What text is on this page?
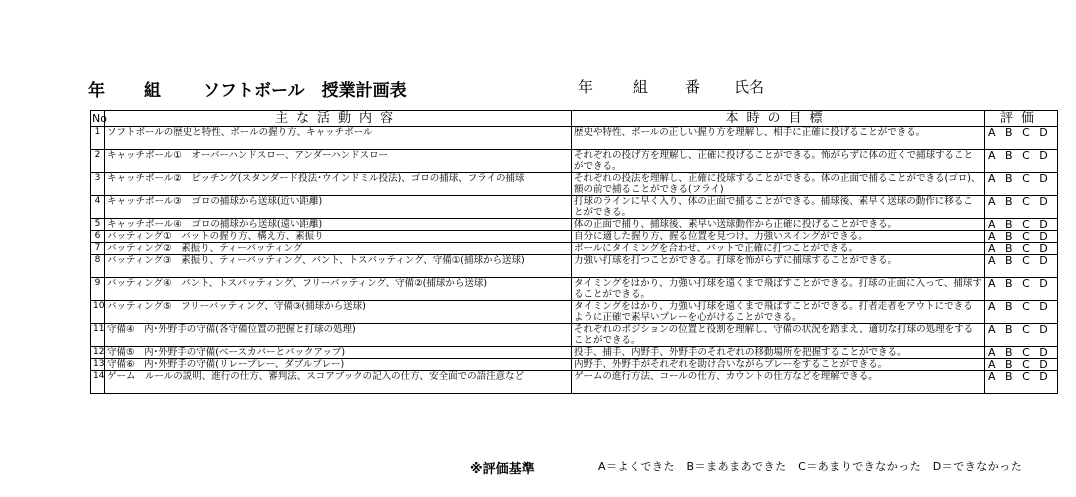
年 組 ソフトボール　授業計画表	年	組 番 氏名
No	主な活動内容	本時の目標	評価
1	ソフトボールの歴史と特性、ボールの握り方、キャッチボール	歴史や特性、ボールの正しい握り方を理解し、相手に正確に投げることができる。	A B C D
2	キャッチボール①　オーバーハンドスロー、アンダーハンドスロー	それぞれの投げ方を理解し、正確に投げることができる。怖がらずに体の近くで捕球することができる。	A B C D
3	キャッチボール②　ピッチング(スタンダード投法･ウインドミル投法)、ゴロの捕球、フライの捕球	それぞれの投法を理解し、正確に投球することができる。体の正面で捕ることができる(ゴロ)、額の前で捕ることができる(フライ)	A B C D
4	キャッチボール③　ゴロの捕球から送球(近い距離)	打球のラインに早く入り、体の正面で捕ることができる。捕球後、素早く送球の動作に移ることができる。	A B C D
5	キャッチボール④　ゴロの捕球から送球(遠い距離)	体の正面で捕り、捕球後、素早い送球動作から正確に投げることができる。	A B C D
6	バッティング①　バットの握り方、構え方、素振り	自分に適した握り方、握る位置を見つけ、力強いスイングができる。	A B C D
7	バッティング②　素振り、ティーバッティング	ボールにタイミングを合わせ、バットで正確に打つことができる。	A B C D
8	バッティング③　素振り、ティーバッティング、バント、トスバッティング、守備①(捕球から送球)	力強い打球を打つことができる。打球を怖がらずに捕球することができる。	A B C D
9	バッティング④　バント、トスバッティング、フリーバッティング、守備②(捕球から送球)	タイミングをはかり、力強い打球を遠くまで飛ばすことができる。打球の正面に入って、捕球することができる。	A B C D
10	バッティング⑤　フリーバッティング、守備③(捕球から送球)	タイミングをはかり、力強い打球を遠くまで飛ばすことができる。打者走者をアウトにできるように正確で素早いプレーを心がけることができる。	A B C D
11	守備④　内･外野手の守備(各守備位置の把握と打球の処理)	それぞれのポジションの位置と役割を理解し、守備の状況を踏まえ、適切な打球の処理をすることができる。	A B C D
12	守備⑤　内･外野手の守備(ベースカバーとバックアップ)	投手、捕手、内野手、外野手のそれぞれの移動場所を把握することができる。	A B C D
13	守備⑥　内･外野手の守備(リレープレー、ダブルプレー)	内野手、外野手がそれぞれを助け合いながらプレーをすることができる。	A B C D
14	ゲーム　ルールの説明、進行の仕方、審判法、スコアブックの記入の仕方、安全面での語注意など	ゲームの進行方法、コールの仕方、カウントの仕方などを理解できる。	A B C D
※評価基準	A＝よくできた　B＝まあまあできた　C＝あまりできなかった　D＝できなかった
